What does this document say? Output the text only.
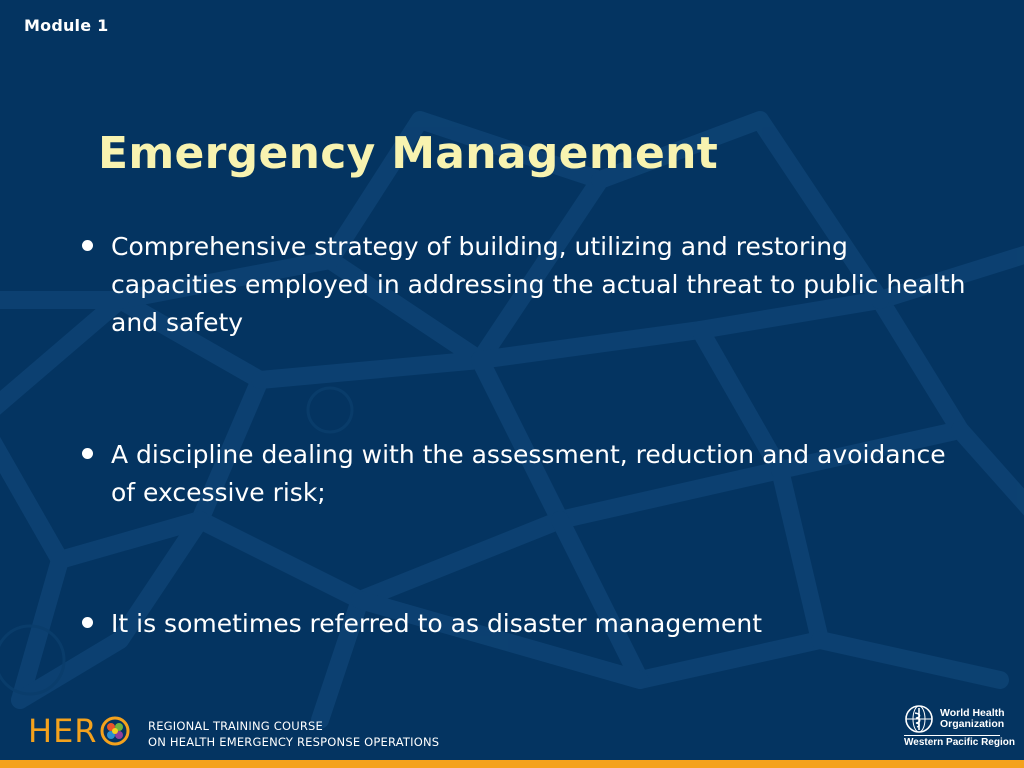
Module 1
Emergency Management
Comprehensive strategy of building, utilizing and restoring capacities employed in addressing the actual threat to public health and safety
A discipline dealing with the assessment, reduction and avoidance of excessive risk;
It is sometimes referred to as disaster management
HER	REGIONAL TRAINING COURSE
ON HEALTH EMERGENCY RESPONSE OPERATIONS
World Health
Organization
Western Pacific Region
